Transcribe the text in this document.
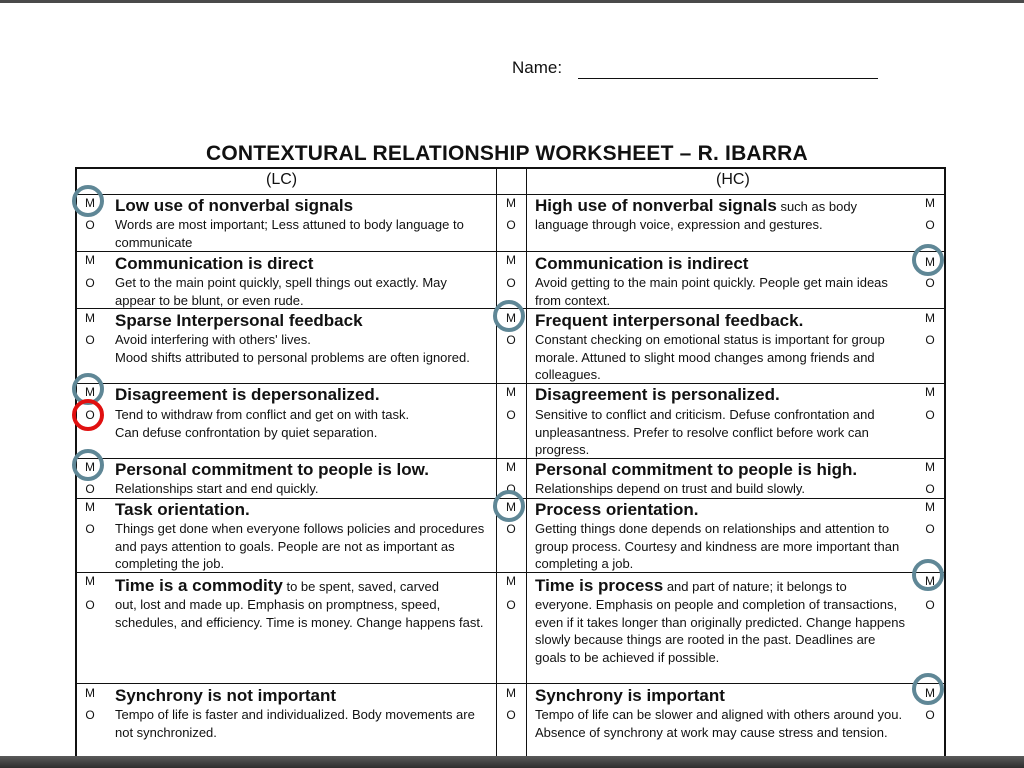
Name:
CONTEXTURAL RELATIONSHIP WORKSHEET – R. IBARRA
(LC)	(HC)
Low use of nonverbal signals
Words are most important; Less attuned to body language to communicate
High use of nonverbal signals such as body
language through voice, expression and gestures.
Communication is direct
Get to the main point quickly, spell things out exactly. May appear to be blunt, or even rude.
Communication is indirect
Avoid getting to the main point quickly. People get main ideas from context.
Sparse Interpersonal feedback
Avoid interfering with others' lives.
Mood shifts attributed to personal problems are often ignored.
Frequent interpersonal feedback.
Constant checking on emotional status is important for group morale. Attuned to slight mood changes among friends and colleagues.
Disagreement is depersonalized.
Tend to withdraw from conflict and get on with task.
Can defuse confrontation by quiet separation.
Disagreement is personalized.
Sensitive to conflict and criticism. Defuse confrontation and unpleasantness. Prefer to resolve conflict before work can progress.
Personal commitment to people is low.
Relationships start and end quickly.
Personal commitment to people is high.
Relationships depend on trust and build slowly.
Task orientation.
Things get done when everyone follows policies and procedures and pays attention to goals. People are not as important as completing the job.
Process orientation.
Getting things done depends on relationships and attention to group process. Courtesy and kindness are more important than completing a job.
Time is a commodity to be spent, saved, carved
out, lost and made up. Emphasis on promptness, speed, schedules, and efficiency. Time is money. Change happens fast.
Time is process and part of nature; it belongs to
everyone. Emphasis on people and completion of transactions, even if it takes longer than originally predicted. Change happens slowly because things are rooted in the past. Deadlines are goals to be achieved if possible.
Synchrony is not important
Tempo of life is faster and individualized. Body movements are not synchronized.
Synchrony is important
Tempo of life can be slower and aligned with others around you. Absence of synchrony at work may cause stress and tension.
M
O
M
O
M
O
M
O
M
O
M
O
M
O
M
O
M
O
M
O
M
O
M
O
M
O
M
O
M
O
M
O
M
O
M
O
M
O
M
O
M
O
M
O
M
O
M
O
